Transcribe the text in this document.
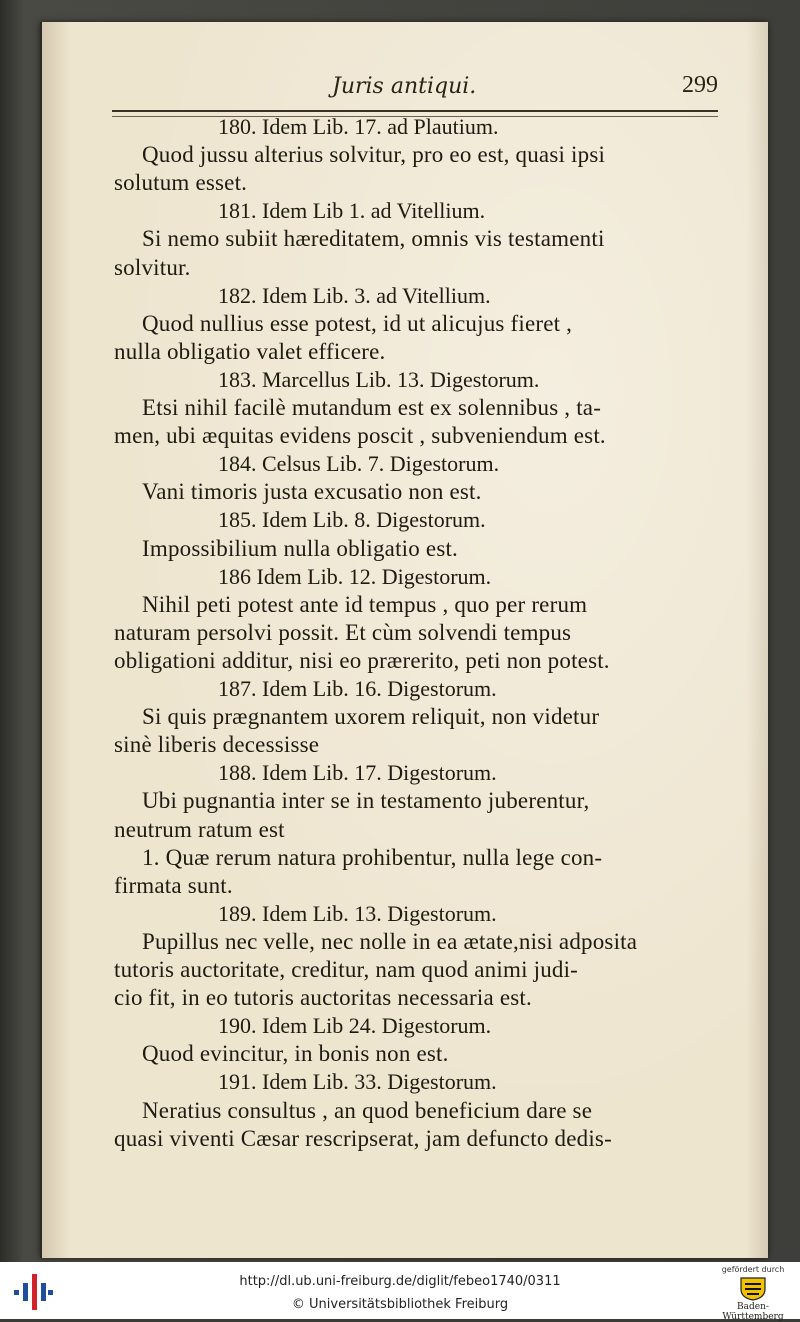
Juris antiqui.	299
180. Idem Lib. 17. ad Plautium.
Quod jussu alterius solvitur, pro eo est, quasi ipsi
solutum esset.
181. Idem Lib 1. ad Vitellium.
Si nemo subiit hæreditatem, omnis vis testamenti
solvitur.
182. Idem Lib. 3. ad Vitellium.
Quod nullius esse potest, id ut alicujus fieret ,
nulla obligatio valet efficere.
183. Marcellus Lib. 13. Digestorum.
Etsi nihil facilè mutandum est ex solennibus , ta-
men, ubi æquitas evidens poscit , subveniendum est.
184. Celsus Lib. 7. Digestorum.
Vani timoris justa excusatio non est.
185. Idem Lib. 8. Digestorum.
Impossibilium nulla obligatio est.
186 Idem Lib. 12. Digestorum.
Nihil peti potest ante id tempus , quo per rerum
naturam persolvi possit. Et cùm solvendi tempus
obligationi additur, nisi eo prærerito, peti non potest.
187. Idem Lib. 16. Digestorum.
Si quis prægnantem uxorem reliquit, non videtur
sinè liberis decessisse
188. Idem Lib. 17. Digestorum.
Ubi pugnantia inter se in testamento juberentur,
neutrum ratum est
1. Quæ rerum natura prohibentur, nulla lege con-
firmata sunt.
189. Idem Lib. 13. Digestorum.
Pupillus nec velle, nec nolle in ea ætate,nisi adposita
tutoris auctoritate, creditur, nam quod animi judi-
cio fit, in eo tutoris auctoritas necessaria est.
190. Idem Lib 24. Digestorum.
Quod evincitur, in bonis non est.
191. Idem Lib. 33. Digestorum.
Neratius consultus , an quod beneficium dare se
quasi viventi Cæsar rescripserat, jam defuncto dedis-
http://dl.ub.uni-freiburg.de/diglit/febeo1740/0311
© Universitätsbibliothek Freiburg
gefördert durch
Baden-Württemberg
